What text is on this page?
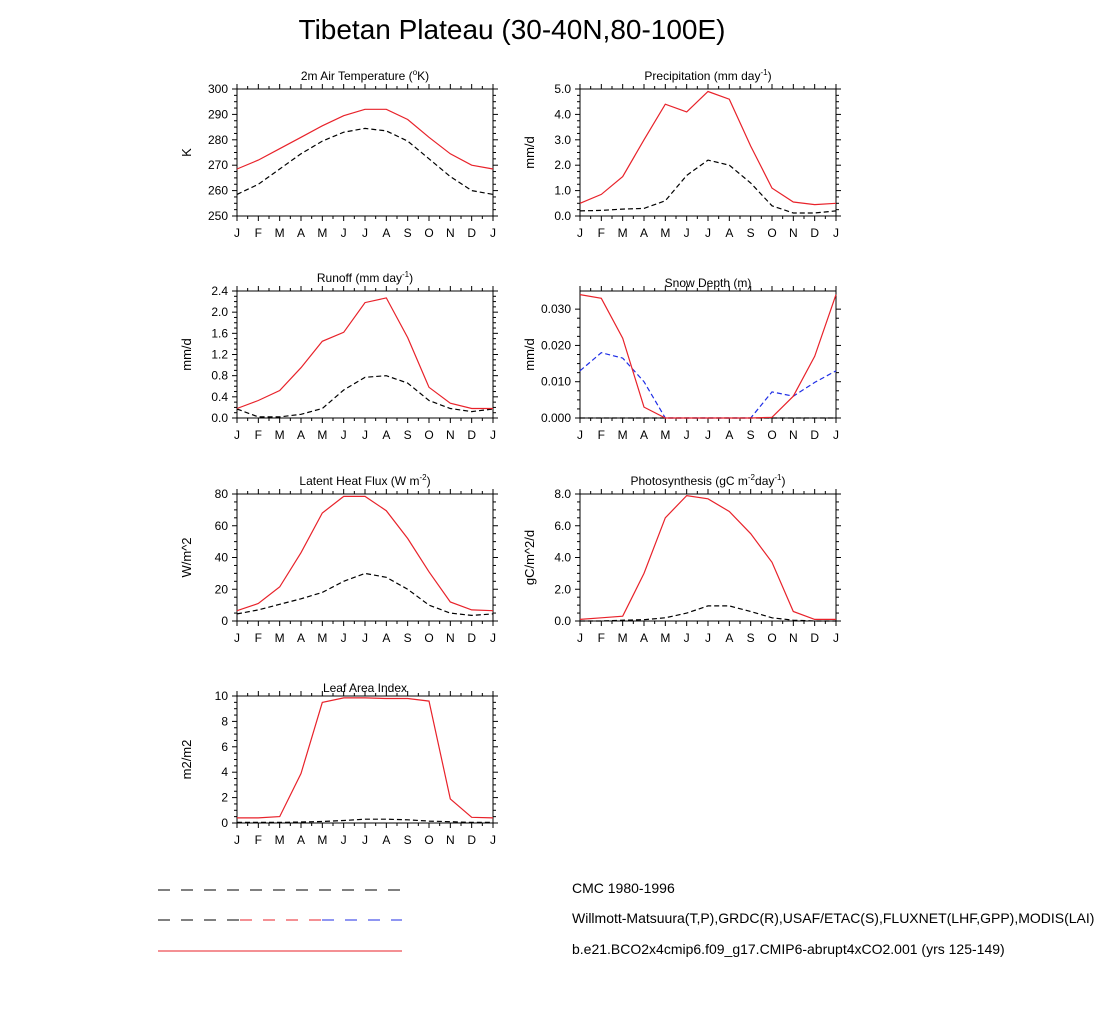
Tibetan Plateau (30-40N,80-100E)
J F M A M J J A S O N D J
250
260
270
280
290
300
K
2m Air Temperature ($^o$K)
J F M A M J J A S O N D J
0.0
1.0
2.0
3.0
4.0
5.0
mm/d
Precipitation (mm day$^{-1}$)
J F M A M J J A S O N D J
0.0
0.4
0.8
1.2
1.6
2.0
2.4
mm/d
Runoff (mm day$^{-1}$)
J F M A M J J A S O N D J
0.000
0.010
0.020
0.030
mm/d
Snow Depth (m)
J F M A M J J A S O N D J
0
20
40
60
80
W/m^2
Latent Heat Flux (W $m^{-2}$)
J F M A M J J A S O N D J
0.0
2.0
4.0
6.0
8.0
gC/m^2/d
Photosynthesis (gC $m^{-2}day^{-1}$)
J F M A M J J A S O N D J
0
2
4
6
8
10
m2/m2
Leaf Area Index
CMC 1980-1996
Willmott-Matsuura(T,P),GRDC(R),USAF/ETAC(S),FLUXNET(LHF,GPP),MODIS(LAI)
b.e21.BCO2x4cmip6.f09_g17.CMIP6-abrupt4xCO2.001 (yrs 125-149)
